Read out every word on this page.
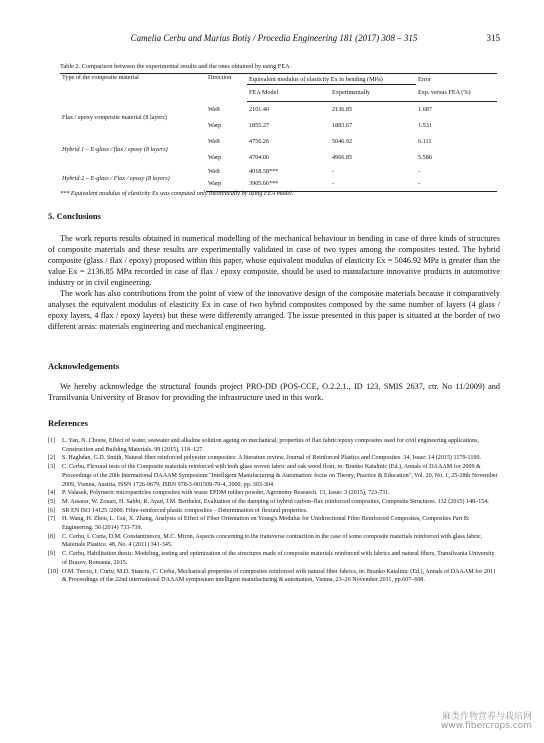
Camelia Cerbu and Marius Botiş / Procedia Engineering 181 (2017) 308 – 315	315
Table 2. Comparison between the experimental results and the ones obtained by using FEA
Type of the composite material	Direction	Equivalent modulus of elasticity Ex in bending (MPa)		Error
		FEA Model	Experimentally	Exp. versus FEA (%)
Flax / epoxy composite material (8 layers)	Weft	2101.40	2136.85	1.687
	Warp	1855.27	1883.67	1.531
Hybrid 1 – E-glass / flax / epoxy (8 layers)	Weft	4756.26	5046.92	6.111
	Warp	4704.06	4966.85	5.586
Hybrid 2 – E-glass / Flax / epoxy (8 layers)	Weft	4018.58***	-	-
	Warp	3905.66***	-	-
*** Equivalent modulus of elasticity Ex was computed only theoretically by using FEA model.
5. Conclusions
The work reports results obtained in numerical modelling of the mechanical behaviour in bending in case of three kinds of structures of composite materials and these results are experimentally validated in case of two types among the composites tested. The hybrid composite (glass / flax / epoxy) proposed within this paper, whose equivalent modulus of elasticity Ex = 5046.92 MPa is greater than the value Ex = 2136.85 MPa recorded in case of flax / epoxy composite, should be used to manufacture innovative products in automotive industry or in civil engineering.
The work has also contributions from the point of view of the innovative design of the composite materials because it comparatively analyses the equivalent modulus of elasticity Ex in case of two hybrid composites composed by the same number of layers (4 glass / epoxy layers, 4 flax / epoxy layers) but these were differently arranged. The issue presented in this paper is situated at the border of two different areas: materials engineering and mechanical engineering.
Acknowledgements
We hereby acknowledge the structural founds project PRO-DD (POS-CCE, O.2.2.1., ID 123, SMIS 2637, ctr. No 11/2009) and Transilvania University of Brasov for providing the infrastructure used in this work.
References
[1]	L. Yan, N. Chouw, Effect of water, seawater and alkaline solution ageing on mechanical, properties of flax fabric/epoxy composites used for civil engineering applications, Construction and Building Materials. 99 (2015), 118–127.
[2]	S. Haghdan, G.D. Smith, Natural fiber reinforced polyester composites: A literature review. Journal of Reinforced Plastics and Composites. 34, Issue: 14 (2015) 1179-1190.
[3]	C. Cerbu, Flexural tests of the Composite materials reinforced with both glass woven fabric and oak wood flour, in: Branko Katalinic (Ed.), Annals of DAAAM for 2009 & Proceedings of the 20th International DAAAM Symposium "Intelligent Manufacturing & Automation: focus on Theory, Practice & Education", Vol. 20, No. 1, 25-28th November 2009, Vienna, Austria, ISSN 1726-9679, ISBN 978-3-901509-70-4, 2009, pp. 303-304.
[4]	P. Valasek, Polymeric microparticles composites with waste EPDM rubber powder, Agronomy Research. 13, Issue: 3 (2015), 723-731.
[5]	M. Assarar, W. Zouari, H. Sabhi, R. Ayad, J.M. Berthelot, Evaluation of the damping of hybrid carbon–flax reinforced composites, Composite Structures. 132 (2015) 148–154.
[6]	SR EN ISO 14125 /2000. Fibre-reinforced plastic composites – Determination of flexural properties.
[7]	H. Wang, H. Zhou, L. Gui, X. Zhang, Analysis of Effect of Fiber Orientation on Young's Modulus for Unidirectional Fiber Reinforced Composites, Composites Part B: Engineering. 56 (2014) 733-739.
[8]	C. Cerbu, I. Curta, D.M. Constantinescu, M.C. Miron, Aspects concerning to the transverse contraction in the case of some composite materials reinforced with glass fabric, Materiale Plastice. 48, No. 4 (2011) 341-345.
[9]	C. Cerbu, Habilitation thesis: Modeling, testing and optimization of the structures made of composite materials reinforced with fabrics and natural fibers, Transilvania University of Brasov, Romania, 2015.
[10] O.M. Terciu, I. Curtu, M.D. Stanciu, C. Cerbu, Mechanical properties of composites reinforced with natural fiber fabrics, in: Branko Katalinic (Ed.), Annals of DAAAM for 2011 & Proceedings of the 22nd international DAAAM symposium intelligent manufacturing & automation, Vienna, 23–26 November 2011, pp.607–608.
麻类作物营养与栽培网
www.fibercrops.com
